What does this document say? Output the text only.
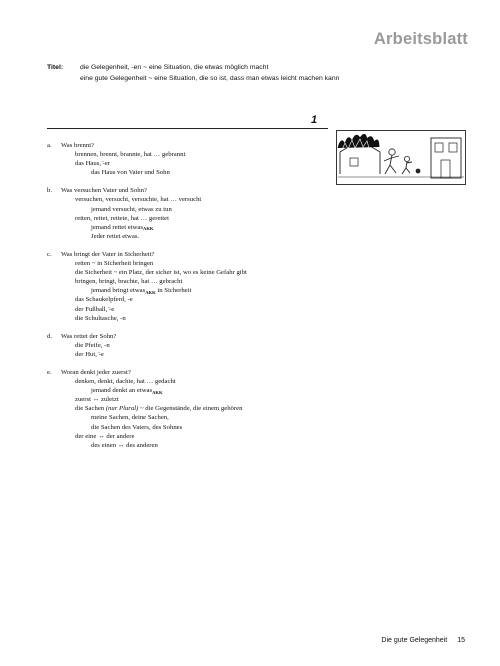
Arbeitsblatt
Titel: die Gelegenheit, -en ~ eine Situation, die etwas möglich macht
eine gute Gelegenheit ~ eine Situation, die so ist, dass man etwas leicht machen kann
1
a.	Was brennt?
brennen, brennt, brannte, hat … gebrannt
das Haus, ̈-er
das Haus von Vater und Sohn
b.	Was versuchen Vater und Sohn?
versuchen, versucht, versuchte, hat … versucht
jemand versucht, etwas zu tun
retten, rettet, rettete, hat … gerettet
jemand rettet etwas$_{AKK}$
Jeder rettet etwas.
c.	Was bringt der Vater in Sicherheit?
retten ~ in Sicherheit bringen
die Sicherheit ~ ein Platz, der sicher ist, wo es keine Gefahr gibt
bringen, bringt, brachte, hat … gebracht
jemand bringt etwas$_{AKK}$ in Sicherheit
das Schaukelpferd, -e
der Fußball, ̈-e
die Schultasche, -n
d.	Was rettet der Sohn?
die Pfeife, -n
der Hut, ̈-e
e.	Woran denkt jeder zuerst?
denken, denkt, dachte, hat … gedacht
jemand denkt an etwas$_{AKK}$
zuerst ↔ zuletzt
die Sachen (nur Plural) ~ die Gegenstände, die einem gehören
meine Sachen, deine Sachen,
die Sachen des Vaters, des Sohnes
der eine ↔ der andere
des einen ↔ des anderen
Die gute Gelegenheit 15
